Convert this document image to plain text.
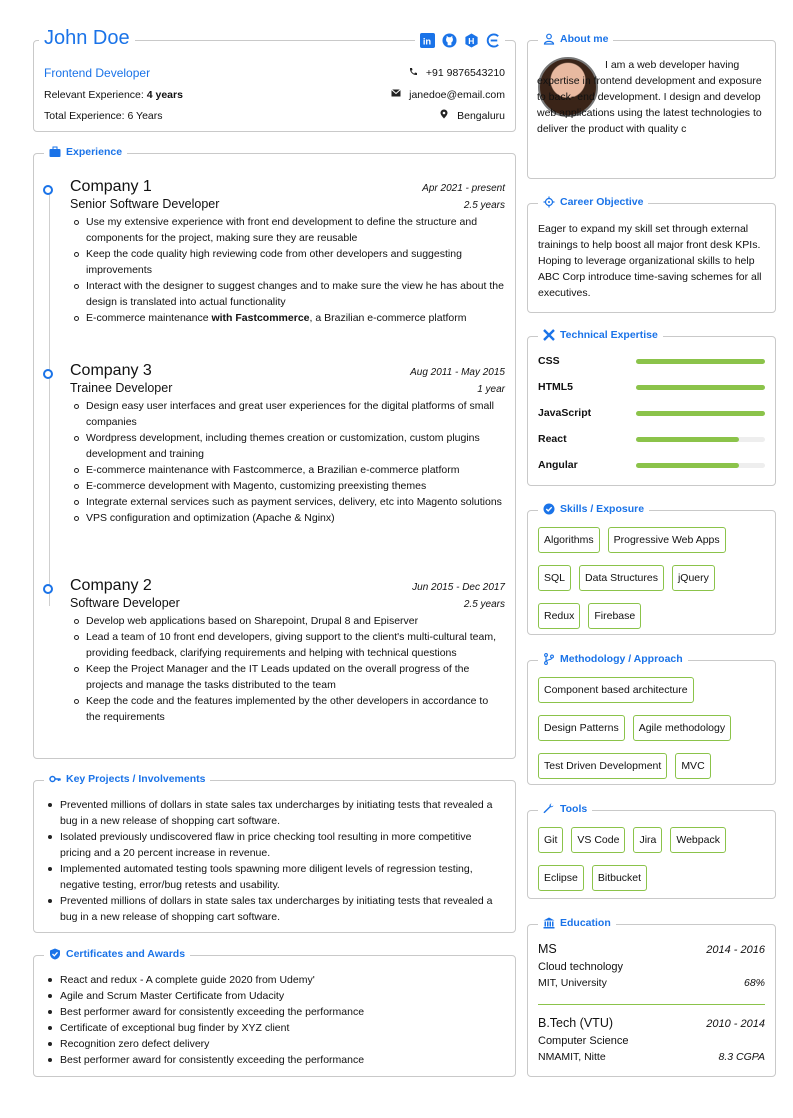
John Doe	in	H
Frontend Developer	+91 9876543210
Relevant Experience: 4 years	janedoe@email.com
Total Experience: 6 Years	Bengaluru
Experience
Company 1	Apr 2021 - present
Senior Software Developer	2.5 years
Use my extensive experience with front end development to define the structure and components for the project, making sure they are reusable
Keep the code quality high reviewing code from other developers and suggesting improvements
Interact with the designer to suggest changes and to make sure the view he has about the design is translated into actual functionality
E-commerce maintenance with Fastcommerce, a Brazilian e-commerce platform
Company 3	Aug 2011 - May 2015
Trainee Developer	1 year
Design easy user interfaces and great user experiences for the digital platforms of small companies
Wordpress development, including themes creation or customization, custom plugins development and training
E-commerce maintenance with Fastcommerce, a Brazilian e-commerce platform
E-commerce development with Magento, customizing preexisting themes
Integrate external services such as payment services, delivery, etc into Magento solutions
VPS configuration and optimization (Apache & Nginx)
Company 2	Jun 2015 - Dec 2017
Software Developer	2.5 years
Develop web applications based on Sharepoint, Drupal 8 and Episerver
Lead a team of 10 front end developers, giving support to the client's multi-cultural team, providing feedback, clarifying requirements and helping with technical questions
Keep the Project Manager and the IT Leads updated on the overall progress of the projects and manage the tasks distributed to the team
Keep the code and the features implemented by the other developers in accordance to the requirements
Key Projects / Involvements
Prevented millions of dollars in state sales tax undercharges by initiating tests that revealed a bug in a new release of shopping cart software.
Isolated previously undiscovered flaw in price checking tool resulting in more competitive pricing and a 20 percent increase in revenue.
Implemented automated testing tools spawning more diligent levels of regression testing, negative testing, error/bug retests and usability.
Prevented millions of dollars in state sales tax undercharges by initiating tests that revealed a bug in a new release of shopping cart software.
Certificates and Awards
React and redux - A complete guide 2020 from Udemy'
Agile and Scrum Master Certificate from Udacity
Best performer award for consistently exceeding the performance
Certificate of exceptional bug finder by XYZ client
Recognition zero defect delivery
Best performer award for consistently exceeding the performance
About me
I am a web developer having expertise in frontend development and exposure to back- end development. I design and develop web applications using the latest technologies to deliver the product with quality c
Career Objective
Eager to expand my skill set through external trainings to help boost all major front desk KPIs. Hoping to leverage organizational skills to help ABC Corp introduce time-saving schemes for all executives.
Technical Expertise
CSS
HTML5
JavaScript
React
Angular
Skills / Exposure
Algorithms	Progressive Web Apps
SQL	Data Structures	jQuery
Redux	Firebase
Methodology / Approach
Component based architecture
Design Patterns	Agile methodology
Test Driven Development	MVC
Tools
Git	VS Code	Jira	Webpack
Eclipse	Bitbucket
Education
MS	2014 - 2016
Cloud technology
MIT, University	68%
B.Tech (VTU)	2010 - 2014
Computer Science
NMAMIT, Nitte	8.3 CGPA
